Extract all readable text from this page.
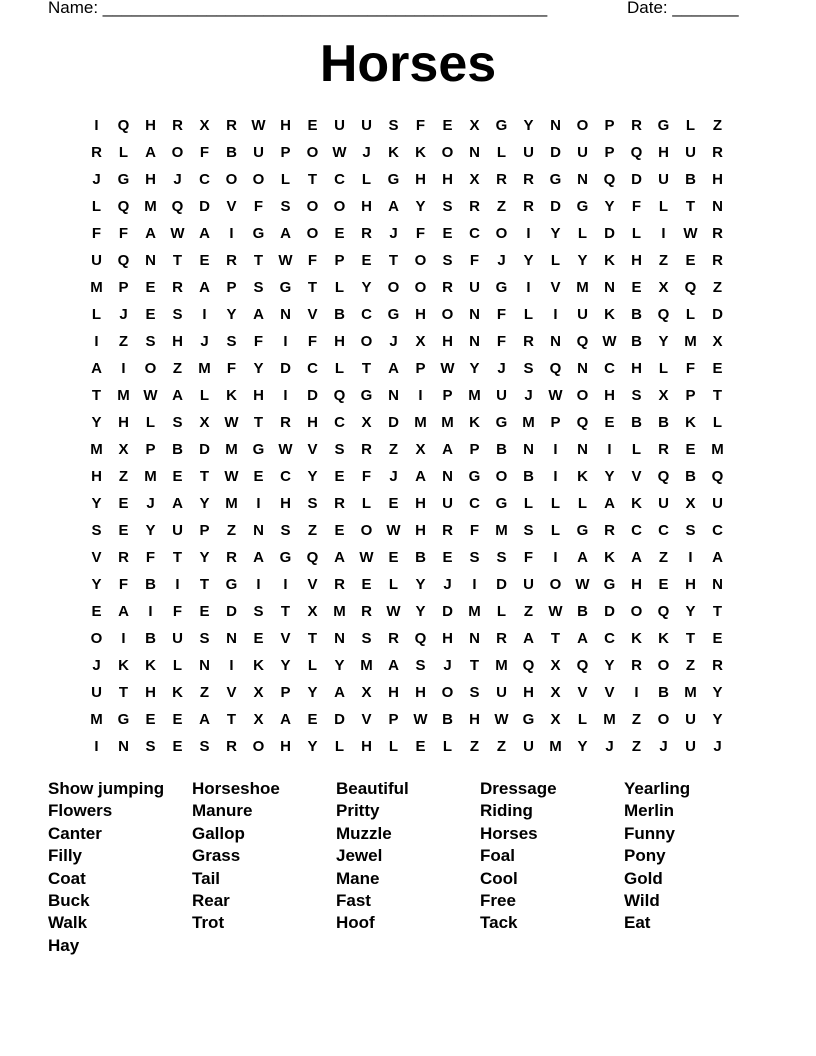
Name: _______________________________________________	Date: _______
Horses
I	Q	H	R	X	R W H	E	U	U	S	F	E	X	G	Y	N	O	P	R	G	L	Z
R	L	A	O	F	B	U	P	O W	J	K	K	O	N	L	U	D	U	P	Q	H	U	R
J	G	H	J	C	O	O	L	T	C	L	G	H	H	X	R	R	G	N	Q	D	U	B	H
L	Q M Q	D	V	F	S	O	O	H	A	Y	S	R	Z	R	D	G	Y	F	L	T	N
F	F	A W A	I	G	A	O	E	R	J	F	E	C	O	I	Y	L	D	L	I	W R
U	Q	N	T	E	R	T	W	F	P	E	T	O	S	F	J	Y	L	Y	K	H	Z	E	R
M	P	E	R	A	P	S	G	T	L	Y	O	O	R	U	G	I	V	M	N	E	X	Q	Z
L	J	E	S	I	Y	A	N	V	B	C	G	H	O	N	F	L	I	U	K	B	Q	L	D
I	Z	S	H	J	S	F	I	F	H	O	J	X	H	N	F	R	N	Q W B	Y	M	X
A	I	O	Z	M	F	Y	D	C	L	T	A	P W Y	J	S	Q	N	C	H	L	F	E
T	M W A	L	K	H	I	D	Q	G	N	I	P	M	U	J	W O	H	S	X	P	T
Y	H	L	S	X W	T	R	H	C	X	D	M M	K	G M	P	Q	E	B	B	K	L
M	X	P	B	D	M G W V	S	R	Z	X	A	P	B	N	I	N	I	L	R	E	M
H	Z	M	E	T	W E	C	Y	E	F	J	A	N	G	O	B	I	K	Y	V	Q	B	Q
Y	E	J	A	Y	M	I	H	S	R	L	E	H	U	C	G	L	L	L	A	K	U	X	U
S	E	Y	U	P	Z	N	S	Z	E	O W H	R	F	M	S	L	G	R	C	C	S	C
V	R	F	T	Y	R	A	G	Q	A W E	B	E	S	S	F	I	A	K	A	Z	I	A
Y	F	B	I	T	G	I	I	V	R	E	L	Y	J	I	D	U	O W G	H	E	H	N
E	A	I	F	E	D	S	T	X	M	R W Y	D	M	L	Z	W B	D	O	Q	Y	T
O	I	B	U	S	N	E	V	T	N	S	R	Q	H	N	R	A	T	A	C	K	K	T	E
J	K	K	L	N	I	K	Y	L	Y	M	A	S	J	T	M Q	X	Q	Y	R	O	Z	R
U	T	H	K	Z	V	X	P	Y	A	X	H	H	O	S	U	H	X	V	V	I	B	M	Y
M G	E	E	A	T	X	A	E	D	V	P W B	H W G	X	L	M	Z	O	U	Y
I	N	S	E	S	R	O	H	Y	L	H	L	E	L	Z	Z	U	M	Y	J	Z	J	U	J
Show jumping	Horseshoe	Beautiful	Dressage	Yearling
Flowers	Manure	Pritty	Riding	Merlin
Canter	Gallop	Muzzle	Horses	Funny
Filly	Grass	Jewel	Foal	Pony
Coat	Tail	Mane	Cool	Gold
Buck	Rear	Fast	Free	Wild
Walk	Trot	Hoof	Tack	Eat
Hay
